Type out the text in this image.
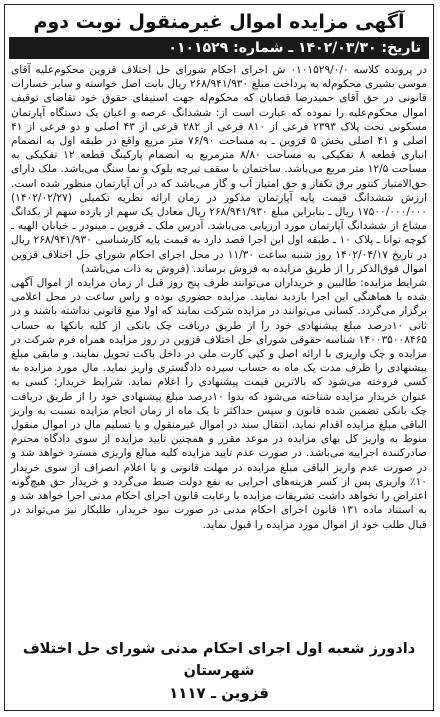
آگهی مزایده اموال غیرمنقول نوبت دوم
تاریخ: ۱۴۰۲/۰۳/۳۰ ـ شماره: ۰۱۰۱۵۲۹

در پرونده کلاسه ۰۱۰۱۵۲۹/۰/۰ ش اجرای احکام شورای حل اختلاف قزوین محکوم‌علیه آقای موسی بشیری محکوم‌له به پرداخت مبلغ ۲۶۸/۹۴۱/۹۳۰ ریال بابت اصل خواسته و سایر خسارات قانونی در حق آقای حمیدرضا قصابان که محکوم‌له جهت استیفای حقوق خود تقاضای توقیف اموال محکوم‌علیه را نموده که عبارت است از: ششدانگ عرصه و اعیان یک دستگاه آپارتمان مسکونی تحت پلاک ۲۳۹۳ فرعی از ۸۱۰ فرعی از ۲۸۲ فرعی از ۴۳ اصلی و دو فرعی از ۴۱ اصلی و ۴۱ اصلی بخش ۵ قزوین ـ به مساحت ۷۶/۹۰ متر مربع واقع در طبقه اول به انضمام انباری قطعه ۸ تفکیکی به مساحت ۸/۸۰ مترمربع به انضمام پارکینگ قطعه ۱۲ تفکیکی به مساحت ۱۲/۵ متر مربع می‌باشد. ساختمان با سقف تیرچه بلوک و نما سنگ می‌باشد. ملک دارای حق‌الامتیاز کنتور برق تکفاز و حق امتیاز آب و گاز می‌باشد که در آن آپارتمان منظور شده است. ارزش ششدانگ قیمت پایه آپارتمان مذکور در زمان ارائه نظریه تکمیلی (۱۴۰۲/۰۲/۲۷) ۱۷۵۰۰/۰۰۰/۰۰۰ ریال ـ بنابراین مبلغ ۲۶۸/۹۴۱/۹۳۰ ریال معادل یک سهم از یازده سهم از یکدانگ مشاع از ششدانگ آپارتمان مورد ارزیابی می‌باشد. آدرس ملک ـ قزوین ـ مینودر ـ خیابان الهیه ـ کوچه توانا ـ پلاک ۱۰ ـ طبقه اول این اجرا قصد دارد به قیمت پایه کارشناسی ۲۶۸/۹۴۱/۹۳۰ ریال در تاریخ ۱۴۰۲/۰۴/۱۷ روز شنبه ساعت ۱۱/۳۰ در محل اجرای احکام شورای حل اختلاف قزوین اموال فوق‌الذکر را از طریق مزایده به فروش برساند. (فروش به ذات می‌باشد)

شرایط مزایده: طالبین و خریداران می‌توانند ظرف پنج روز قبل از زمان مزایده از اموال آگهی شده با هماهنگی این اجرا بازدید نمایند. مزایده حضوری بوده و راس ساعت در محل اعلامی برگزار می‌گردد. کسانی می‌توانند در مزایده شرکت نمایند که اولا منع قانونی نداشته باشند و در ثانی ۱۰درصد مبلغ پیشنهادی خود را از طریق دریافت چک بانکی از کلیه بانکها به حساب ۱۴۰۰۳۵۰۰۸۴۶۵ شناسه حقوقی شورای حل اختلاف قزوین در روز مزایده همراه فرم شرکت در مزایده و چک واریزی با ارائه اصل و کپی کارت ملی در داخل پاکت تحویل نمایند. و مابقی مبلغ پیشنهادی را ظرف مدت یک ماه به حساب سپرده دادگستری واریز نماید. مال مورد مزایده به کسی فروخته می‌شود که بالاترین قیمت پیشنهادی را اعلام نماید. شرایط خریدار: کسی به عنوان خریدار مزایده شناخته می‌شود که بدوا ۱۰درصد مبلغ پیشنهادی خود را از طریق دریافت چک بانکی تضمین شده قانون و سپس حداکثر تا یک ماه از زمان انجام مزایده نسبت به واریز الباقی مبلغ مزایده اقدام نماید. انتقال سند در اموال غیرمنقول و یا تسلیم مال در اموال منقول منوط به واریز کل بهای مزایده در موعد مقرر و همچنین تایید مزایده از سوی دادگاه محترم صادرکننده اجراییه می‌باشد. در صورت عدم تایید مزایده کلیه مبالغ واریزی مسترد خواهد شد و در صورت عدم واریز الباقی مبلغ مزایده در مهلت قانونی و یا اعلام انصراف از سوی خریدار ۱۰٪ واریزی پس از کسر هزینه‌های اجرایی به نفع دولت ضبط می‌گردد و خریدار حق هیچ‌گونه اعتراض را نخواهد داشت تشریفات مزایده با رعایت قانون اجرای احکام مدنی اجرا خواهد شد و به استناد ماده ۱۳۱ قانون اجرای احکام مدنی در صورت نبود خریدار، طلبکار نیز می‌تواند در قبال طلب خود از اموال مورد مزایده را قبول نماید.

دادورز شعبه اول اجرای احکام مدنی شورای حل اختلاف شهرستان
قزوین ـ ۱۱۱۷
